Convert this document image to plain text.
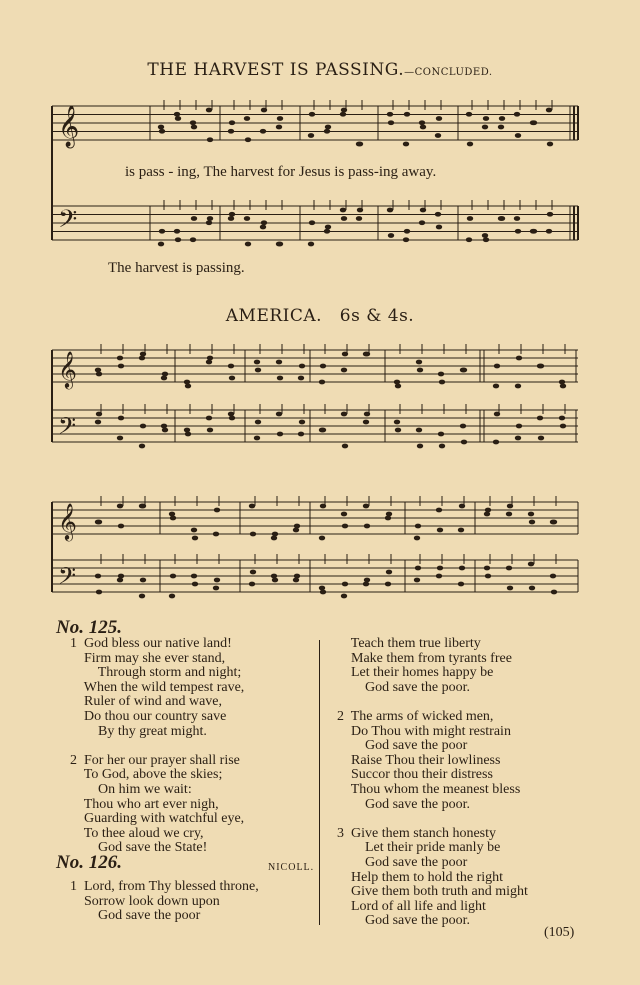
THE HARVEST IS PASSING.—CONCLUDED.
𝄞
𝄢
is pass - ing, The harvest for Jesus is pass-ing away.
The harvest is passing.
AMERICA. 6s & 4s.
𝄞
𝄢
𝄞
𝄢
No. 125.
1  God bless our native land!
Firm may she ever stand,
Through storm and night;
When the wild tempest rave,
Ruler of wind and wave,
Do thou our country save
By thy great might.

2  For her our prayer shall rise
To God, above the skies;
On him we wait:
Thou who art ever nigh,
Guarding with watchful eye,
To thee aloud we cry,
God save the State!
No. 126.	NICOLL.
1  Lord, from Thy blessed throne,
Sorrow look down upon
God save the poor
Teach them true liberty
Make them from tyrants free
Let their homes happy be
God save the poor.

2  The arms of wicked men,
Do Thou with might restrain
God save the poor
Raise Thou their lowliness
Succor thou their distress
Thou whom the meanest bless
God save the poor.

3  Give them stanch honesty
Let their pride manly be
God save the poor
Help them to hold the right
Give them both truth and might
Lord of all life and light
God save the poor.
(105)
